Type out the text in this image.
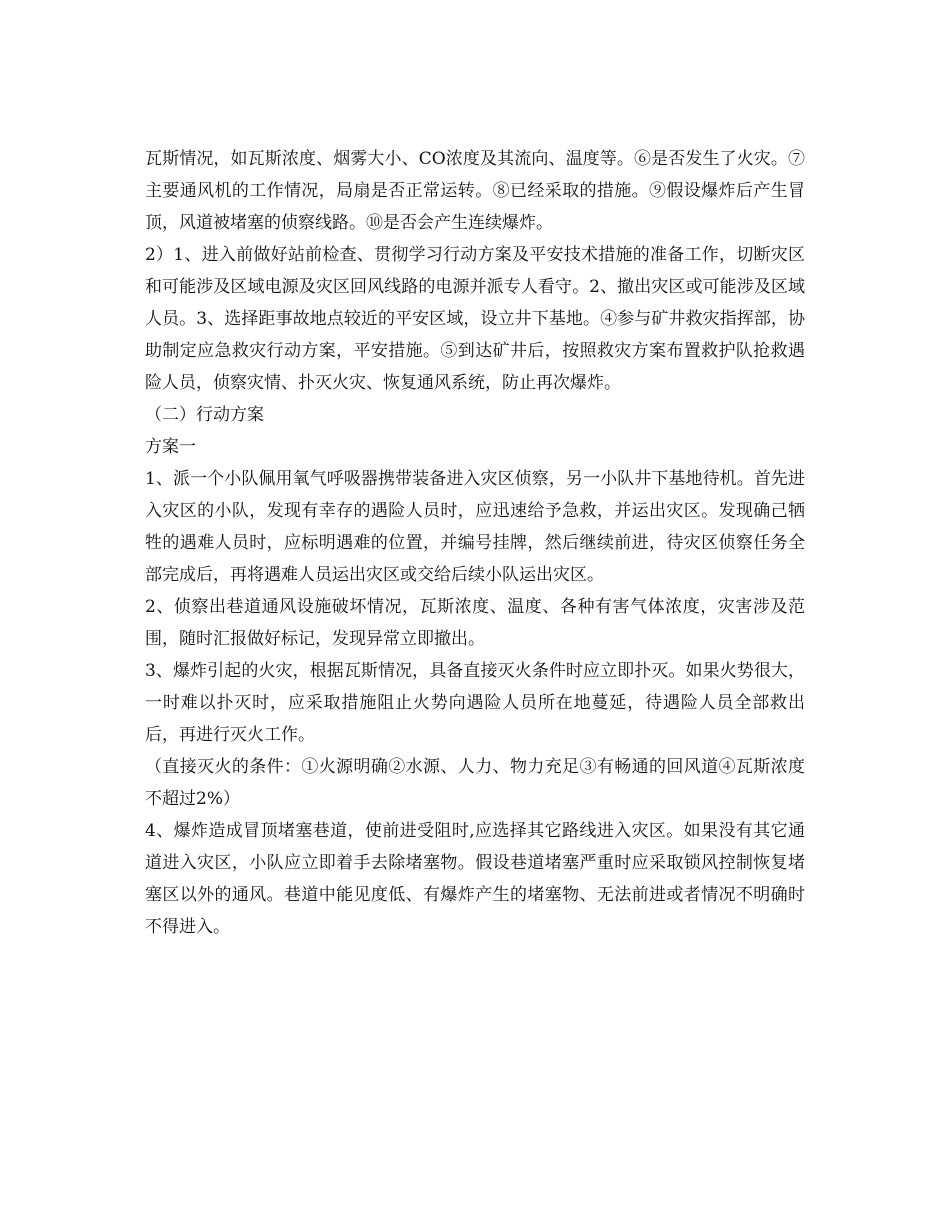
瓦斯情况，如瓦斯浓度、烟雾大小、CO浓度及其流向、温度等。⑥是否发生了火灾。⑦主要通风机的工作情况，局扇是否正常运转。⑧已经采取的措施。⑨假设爆炸后产生冒顶，风道被堵塞的侦察线路。⑩是否会产生连续爆炸。

2）1、进入前做好站前检查、贯彻学习行动方案及平安技术措施的准备工作，切断灾区和可能涉及区域电源及灾区回风线路的电源并派专人看守。2、撤出灾区或可能涉及区域人员。3、选择距事故地点较近的平安区域，设立井下基地。④参与矿井救灾指挥部，协助制定应急救灾行动方案，平安措施。⑤到达矿井后，按照救灾方案布置救护队抢救遇险人员，侦察灾情、扑灭火灾、恢复通风系统，防止再次爆炸。

（二）行动方案

方案一

1、派一个小队佩用氧气呼吸器携带装备进入灾区侦察，另一小队井下基地待机。首先进入灾区的小队，发现有幸存的遇险人员时，应迅速给予急救，并运出灾区。发现确己牺牲的遇难人员时，应标明遇难的位置，并编号挂牌，然后继续前进，待灾区侦察任务全部完成后，再将遇难人员运出灾区或交给后续小队运出灾区。

2、侦察出巷道通风设施破坏情况，瓦斯浓度、温度、各种有害气体浓度，灾害涉及范围，随时汇报做好标记，发现异常立即撤出。

3、爆炸引起的火灾，根据瓦斯情况，具备直接灭火条件时应立即扑灭。如果火势很大，一时难以扑灭时，应采取措施阻止火势向遇险人员所在地蔓延，待遇险人员全部救出后，再进行灭火工作。

（直接灭火的条件：①火源明确②水源、人力、物力充足③有畅通的回风道④瓦斯浓度不超过2%）

4、爆炸造成冒顶堵塞巷道，使前进受阻时,应选择其它路线进入灾区。如果没有其它通道进入灾区，小队应立即着手去除堵塞物。假设巷道堵塞严重时应采取锁风控制恢复堵塞区以外的通风。巷道中能见度低、有爆炸产生的堵塞物、无法前进或者情况不明确时不得进入。
